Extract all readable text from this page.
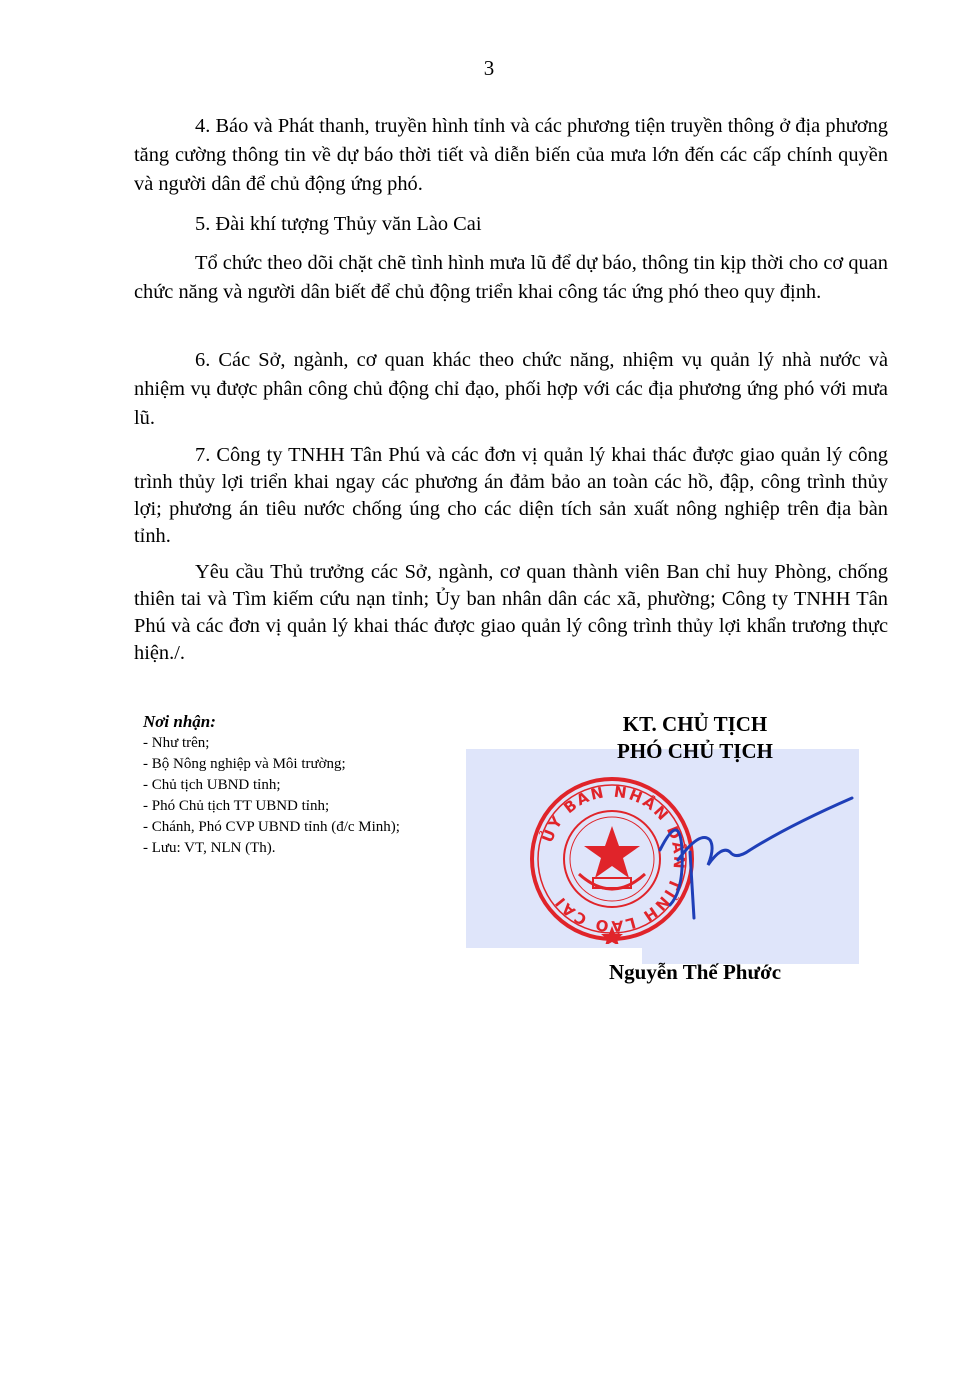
3

4. Báo và Phát thanh, truyền hình tỉnh và các phương tiện truyền thông ở địa phương tăng cường thông tin về dự báo thời tiết và diễn biến của mưa lớn đến các cấp chính quyền và người dân để chủ động ứng phó.

5. Đài khí tượng Thủy văn Lào Cai

Tổ chức theo dõi chặt chẽ tình hình mưa lũ để dự báo, thông tin kịp thời cho cơ quan chức năng và người dân biết để chủ động triển khai công tác ứng phó theo quy định.

6. Các Sở, ngành, cơ quan khác theo chức năng, nhiệm vụ quản lý nhà nước và nhiệm vụ được phân công chủ động chỉ đạo, phối hợp với các địa phương ứng phó với mưa lũ.

7. Công ty TNHH Tân Phú và các đơn vị quản lý khai thác được giao quản lý công trình thủy lợi triển khai ngay các phương án đảm bảo an toàn các hồ, đập, công trình thủy lợi; phương án tiêu nước chống úng cho các diện tích sản xuất nông nghiệp trên địa bàn tỉnh.

Yêu cầu Thủ trưởng các Sở, ngành, cơ quan thành viên Ban chỉ huy Phòng, chống thiên tai và Tìm kiếm cứu nạn tỉnh; Ủy ban nhân dân các xã, phường; Công ty TNHH Tân Phú và các đơn vị quản lý khai thác được giao quản lý công trình thủy lợi khẩn trương thực hiện./.

Nơi nhận:
- Như trên;
- Bộ Nông nghiệp và Môi trường;
- Chủ tịch UBND tỉnh;
- Phó Chủ tịch TT UBND tỉnh;
- Chánh, Phó CVP UBND tỉnh (đ/c Minh);
- Lưu: VT, NLN (Th).
KT. CHỦ TỊCH
PHÓ CHỦ TỊCH
ỦY BAN NHÂN DÂN TỈNH LÀO CAI
Nguyễn Thế Phước
